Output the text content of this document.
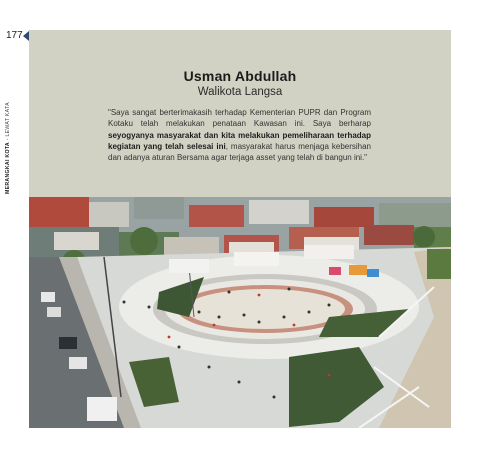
177
MERANGKAI KOTA - LEWAT KATA
Usman Abdullah
Walikota Langsa
"Saya sangat berterimakasih terhadap Kementerian PUPR dan Program Kotaku telah melakukan penataan Kawasan ini. Saya berharap seyogyanya masyarakat dan kita melakukan pemeliharaan terhadap kegiatan yang telah selesai ini, masyarakat harus menjaga kebersihan dan adanya aturan Bersama agar terjaga asset yang telah di bangun ini."
